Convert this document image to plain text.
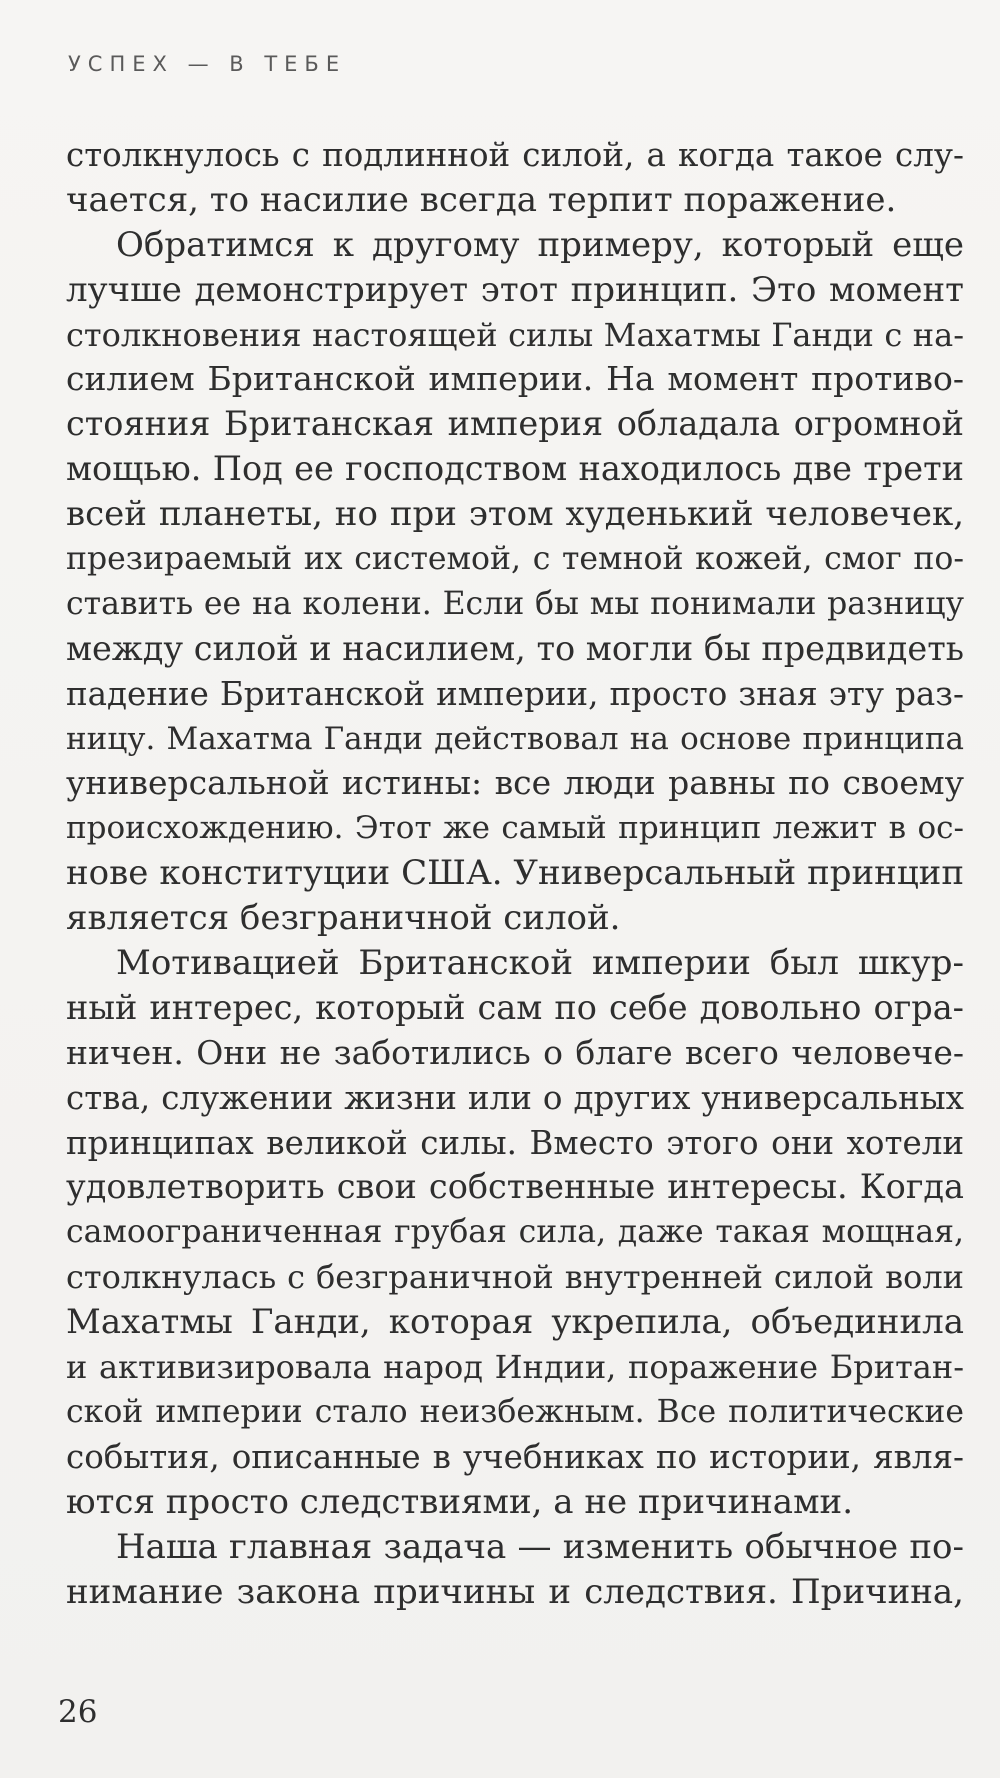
УСПЕХ — В ТЕБЕ
столкнулось с подлинной силой, а когда такое слу-
чается, то насилие всегда терпит поражение.
Обратимся к другому примеру, который еще
лучше демонстрирует этот принцип. Это момент
столкновения настоящей силы Махатмы Ганди с на-
силием Британской империи. На момент противо-
стояния Британская империя обладала огромной
мощью. Под ее господством находилось две трети
всей планеты, но при этом худенький человечек,
презираемый их системой, с темной кожей, смог по-
ставить ее на колени. Если бы мы понимали разницу
между силой и насилием, то могли бы предвидеть
падение Британской империи, просто зная эту раз-
ницу. Махатма Ганди действовал на основе принципа
универсальной истины: все люди равны по своему
происхождению. Этот же самый принцип лежит в ос-
нове конституции США. Универсальный принцип
является безграничной силой.
Мотивацией Британской империи был шкур-
ный интерес, который сам по себе довольно огра-
ничен. Они не заботились о благе всего человече-
ства, служении жизни или о других универсальных
принципах великой силы. Вместо этого они хотели
удовлетворить свои собственные интересы. Когда
самоограниченная грубая сила, даже такая мощная,
столкнулась с безграничной внутренней силой воли
Махатмы Ганди, которая укрепила, объединила
и активизировала народ Индии, поражение Британ-
ской империи стало неизбежным. Все политические
события, описанные в учебниках по истории, явля-
ются просто следствиями, а не причинами.
Наша главная задача — изменить обычное по-
нимание закона причины и следствия. Причина,
26
